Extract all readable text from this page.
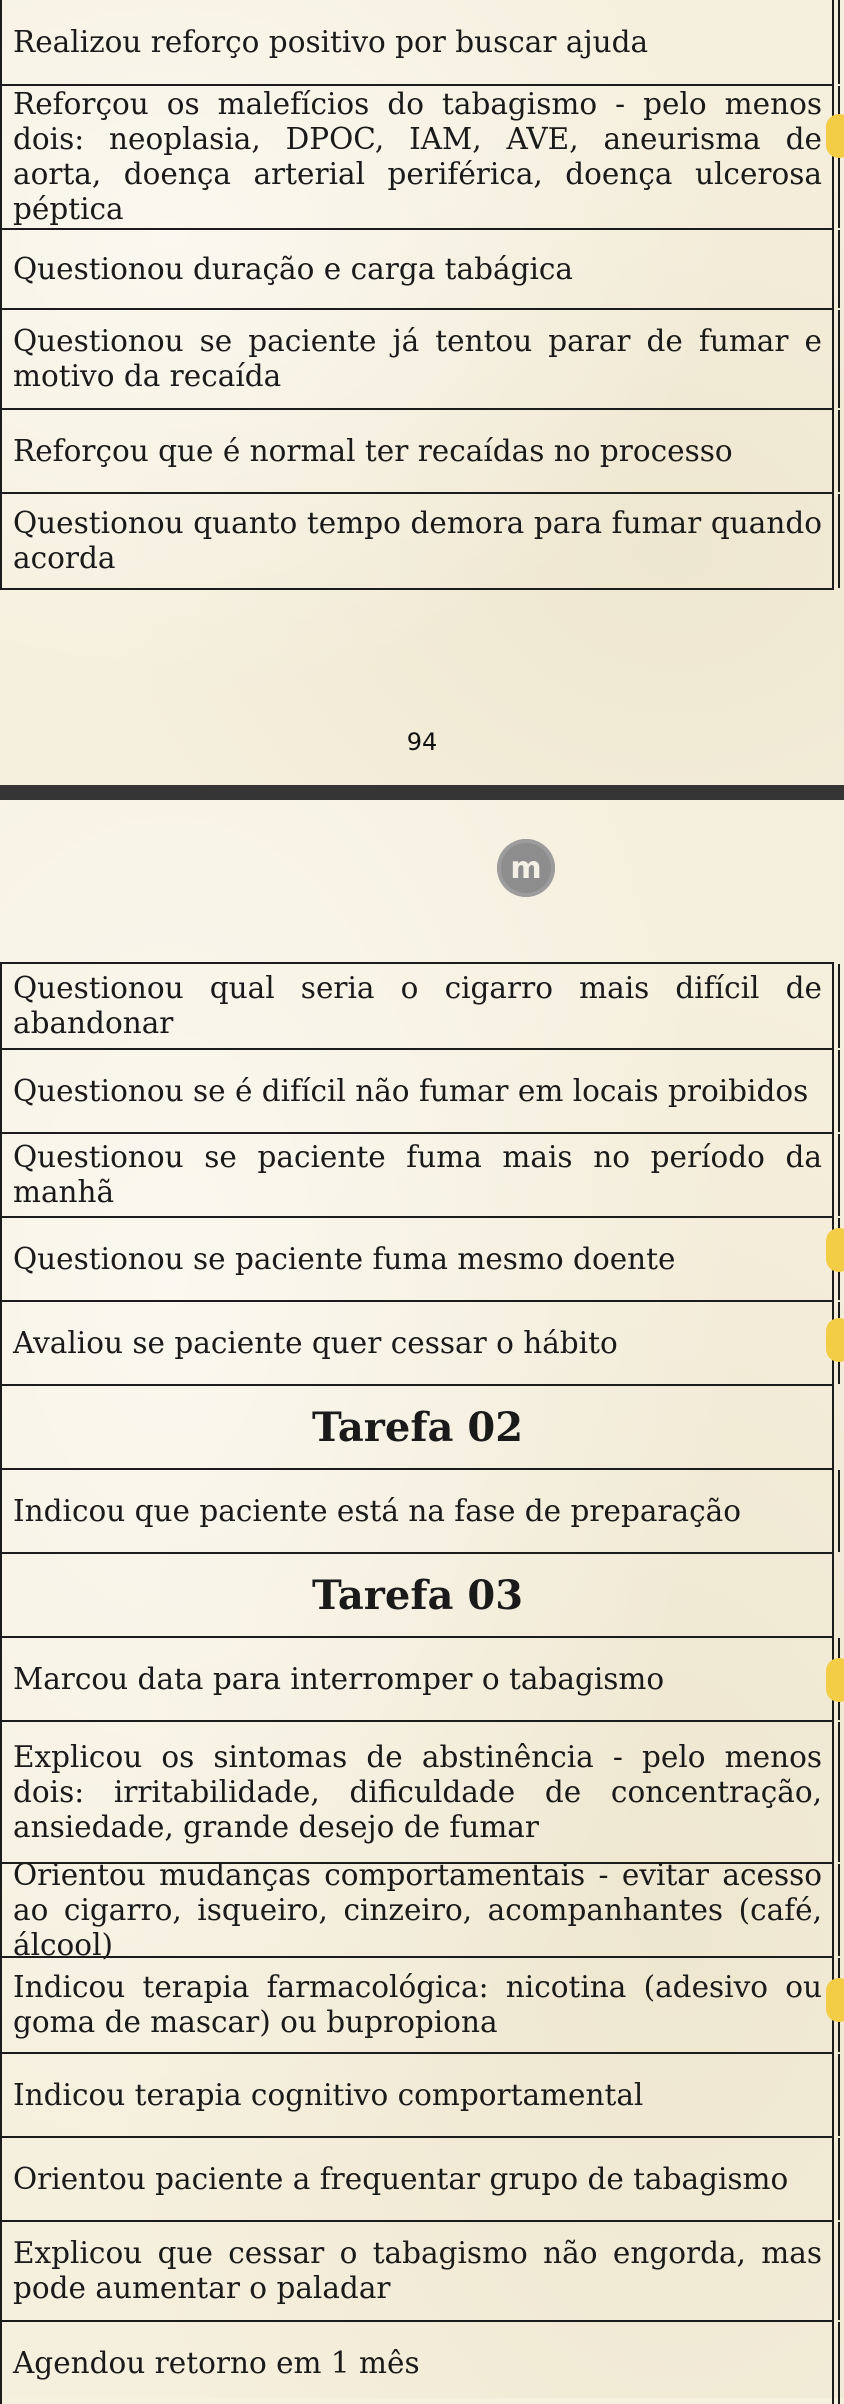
Realizou reforço positivo por buscar ajuda
Reforçou os malefícios do tabagismo - pelo menos dois: neoplasia, DPOC, IAM, AVE, aneurisma de aorta, doença arterial periférica, doença ulcerosa péptica
Questionou duração e carga tabágica
Questionou se paciente já tentou parar de fumar e motivo da recaída
Reforçou que é normal ter recaídas no processo
Questionou quanto tempo demora para fumar quando acorda
94
m
Questionou qual seria o cigarro mais difícil de abandonar
Questionou se é difícil não fumar em locais proibidos
Questionou se paciente fuma mais no período da manhã
Questionou se paciente fuma mesmo doente
Avaliou se paciente quer cessar o hábito
Tarefa 02
Indicou que paciente está na fase de preparação
Tarefa 03
Marcou data para interromper o tabagismo
Explicou os sintomas de abstinência - pelo menos dois: irritabilidade, dificuldade de concentração, ansiedade, grande desejo de fumar
Orientou mudanças comportamentais - evitar acesso ao cigarro, isqueiro, cinzeiro, acompanhantes (café, álcool)
Indicou terapia farmacológica: nicotina (adesivo ou goma de mascar) ou bupropiona
Indicou terapia cognitivo comportamental
Orientou paciente a frequentar grupo de tabagismo
Explicou que cessar o tabagismo não engorda, mas pode aumentar o paladar
Agendou retorno em 1 mês
